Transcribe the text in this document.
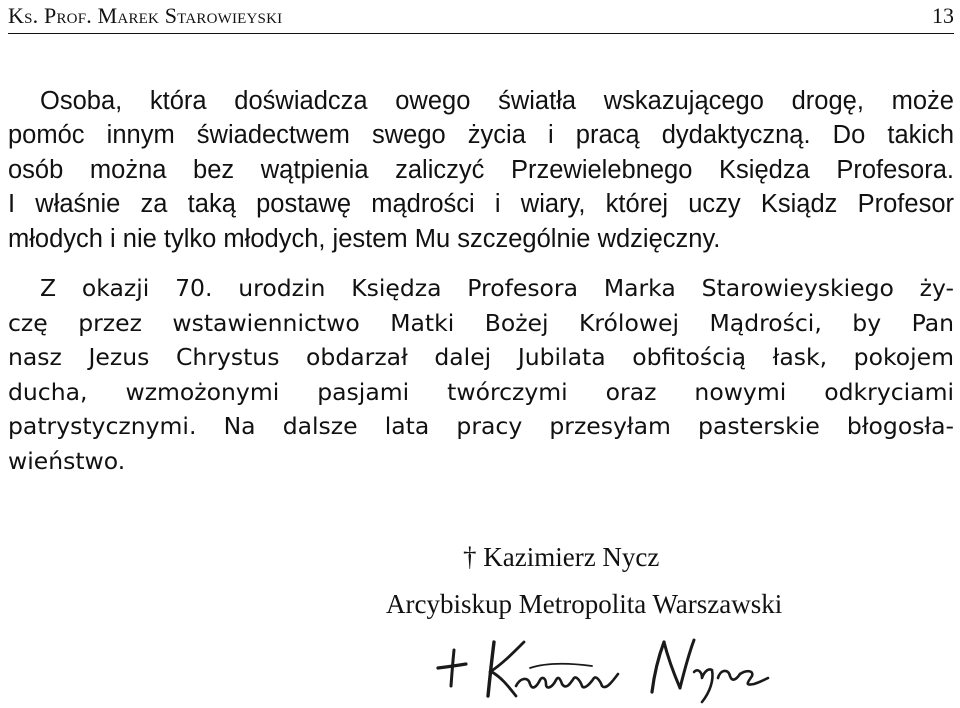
Ks. Prof. Marek Starowieyski	13
Osoba, która doświadcza owego światła wskazującego drogę, może
pomóc innym świadectwem swego życia i pracą dydaktyczną. Do takich
osób można bez wątpienia zaliczyć Przewielebnego Księdza Profesora.
I właśnie za taką postawę mądrości i wiary, której uczy Ksiądz Profesor
młodych i nie tylko młodych, jestem Mu szczególnie wdzięczny.
Z okazji 70. urodzin Księdza Profesora Marka Starowieyskiego ży-
czę przez wstawiennictwo Matki Bożej Królowej Mądrości, by Pan
nasz Jezus Chrystus obdarzał dalej Jubilata obfitością łask, pokojem
ducha, wzmożonymi pasjami twórczymi oraz nowymi odkryciami
patrystycznymi. Na dalsze lata pracy przesyłam pasterskie błogosła-
wieństwo.
† Kazimierz Nycz
Arcybiskup Metropolita Warszawski
